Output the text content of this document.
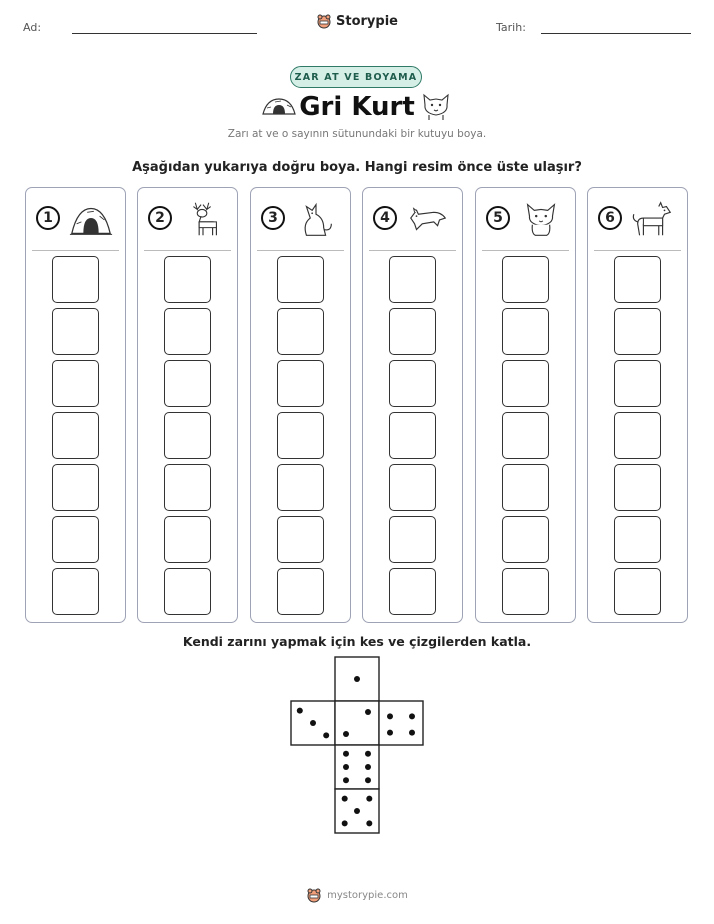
Ad:	Tarih:
Storypie
ZAR AT VE BOYAMA
Gri Kurt
Zarı at ve o sayının sütunundaki bir kutuyu boya.
Aşağıdan yukarıya doğru boya. Hangi resim önce üste ulaşır?
1	2	3	4	5	6
Kendi zarını yapmak için kes ve çizgilerden katla.
mystorypie.com
